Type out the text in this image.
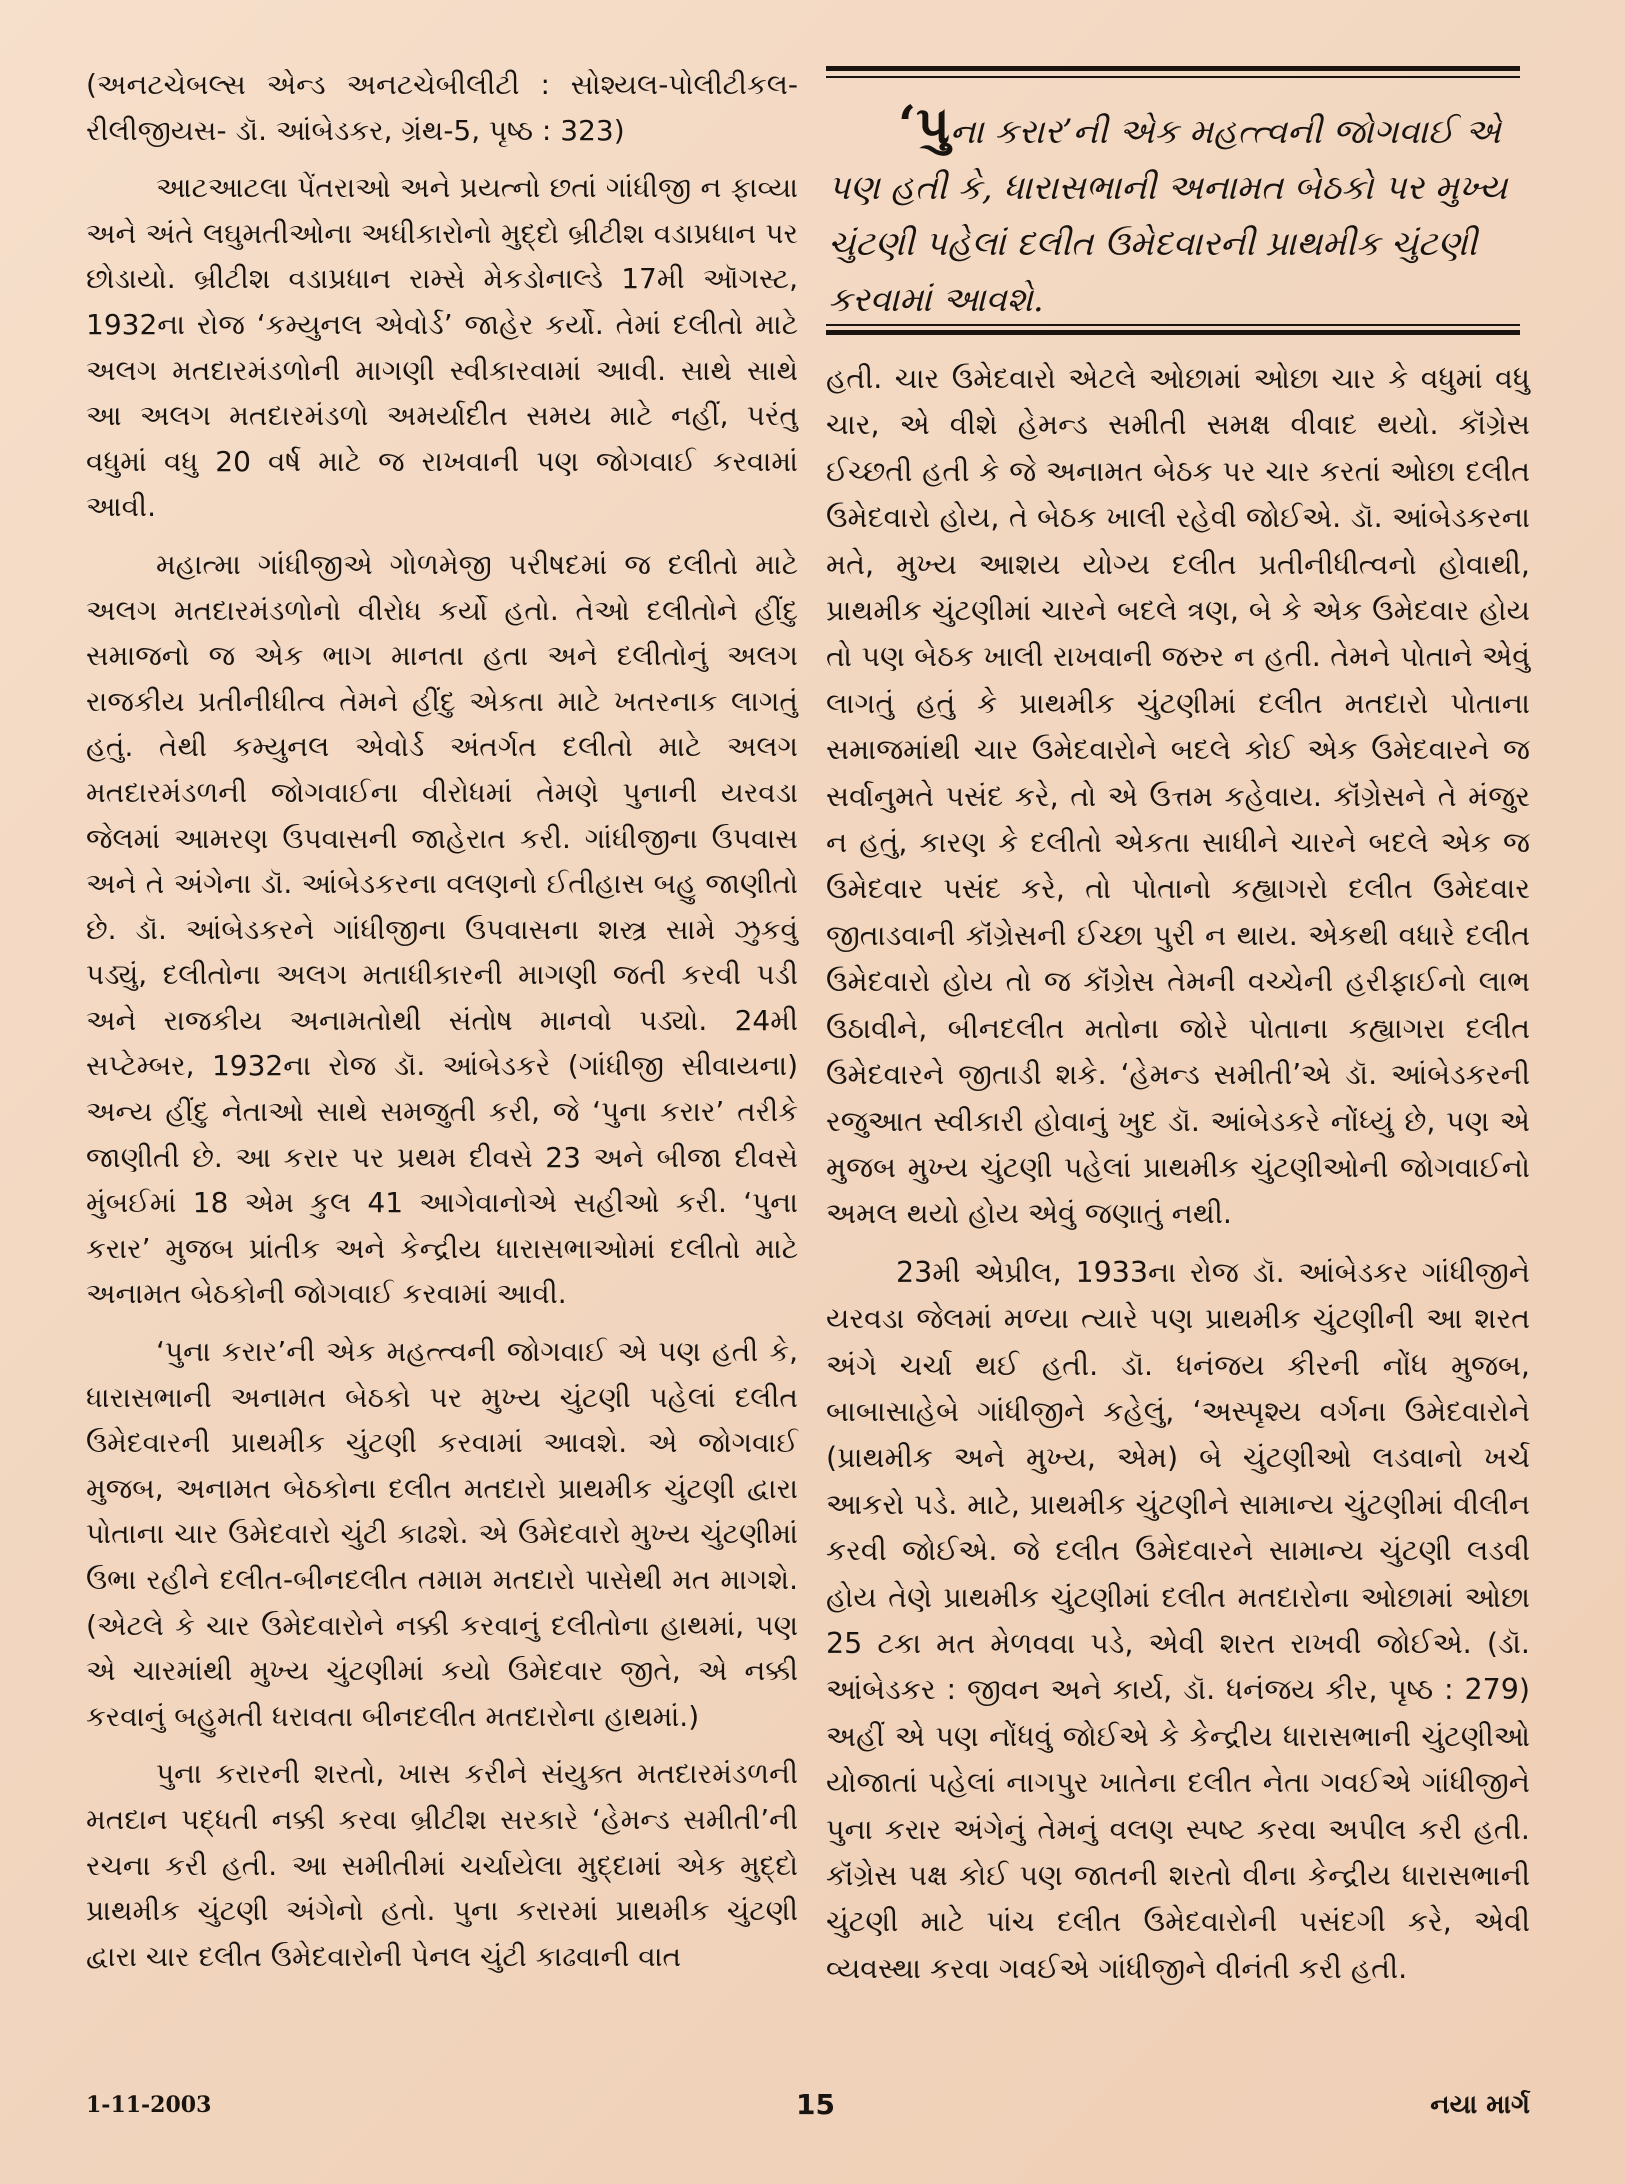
(અનટચેબલ્સ એન્ડ અનટચેબીલીટી : સોશ્યલ-પોલીટીકલ-રીલીજીયસ- ડૉ. આંબેડકર, ગ્રંથ-5, પૃષ્ઠ : 323)

આટઆટલા પેંતરાઓ અને પ્રયત્નો છતાં ગાંધીજી ન ફાવ્યા અને અંતે લઘુમતીઓના અધીકારોનો મુદ્દો બ્રીટીશ વડાપ્રધાન પર છોડાયો. બ્રીટીશ વડાપ્રધાન રામ્સે મેકડોનાલ્ડે 17મી ઑગસ્ટ, 1932ના રોજ ‘કમ્યુનલ એવોર્ડ’ જાહેર કર્યો. તેમાં દલીતો માટે અલગ મતદારમંડળોની માગણી સ્વીકારવામાં આવી. સાથે સાથે આ અલગ મતદારમંડળો અમર્યાદીત સમય માટે નહીં, પરંતુ વધુમાં વધુ 20 વર્ષ માટે જ રાખવાની પણ જોગવાઈ કરવામાં આવી.

મહાત્મા ગાંધીજીએ ગોળમેજી પરીષદમાં જ દલીતો માટે અલગ મતદારમંડળોનો વીરોધ કર્યો હતો. તેઓ દલીતોને હીંદુ સમાજનો જ એક ભાગ માનતા હતા અને દલીતોનું અલગ રાજકીય પ્રતીનીધીત્વ તેમને હીંદુ એકતા માટે ખતરનાક લાગતું હતું. તેથી કમ્યુનલ એવોર્ડ અંતર્ગત દલીતો માટે અલગ મતદારમંડળની જોગવાઈના વીરોધમાં તેમણે પુનાની યરવડા જેલમાં આમરણ ઉપવાસની જાહેરાત કરી. ગાંધીજીના ઉપવાસ અને તે અંગેના ડૉ. આંબેડકરના વલણનો ઈતીહાસ બહુ જાણીતો છે. ડૉ. આંબેડકરને ગાંધીજીના ઉપવાસના શસ્ત્ર સામે ઝુકવું પડ્યું, દલીતોના અલગ મતાધીકારની માગણી જતી કરવી પડી અને રાજકીય અનામતોથી સંતોષ માનવો પડ્યો. 24મી સપ્ટેમ્બર, 1932ના રોજ ડૉ. આંબેડકરે (ગાંધીજી સીવાયના) અન્ય હીંદુ નેતાઓ સાથે સમજુતી કરી, જે ‘પુના કરાર’ તરીકે જાણીતી છે. આ કરાર પર પ્રથમ દીવસે 23 અને બીજા દીવસે મુંબઈમાં 18 એમ કુલ 41 આગેવાનોએ સહીઓ કરી. ‘પુના કરાર’ મુજબ પ્રાંતીક અને કેન્દ્રીય ધારાસભાઓમાં દલીતો માટે અનામત બેઠકોની જોગવાઈ કરવામાં આવી.

‘પુના કરાર’ની એક મહત્ત્વની જોગવાઈ એ પણ હતી કે, ધારાસભાની અનામત બેઠકો પર મુખ્ય ચુંટણી પહેલાં દલીત ઉમેદવારની પ્રાથમીક ચુંટણી કરવામાં આવશે. એ જોગવાઈ મુજબ, અનામત બેઠકોના દલીત મતદારો પ્રાથમીક ચુંટણી દ્વારા પોતાના ચાર ઉમેદવારો ચુંટી કાઢશે. એ ઉમેદવારો મુખ્ય ચુંટણીમાં ઉભા રહીને દલીત-બીનદલીત તમામ મતદારો પાસેથી મત માગશે. (એટલે કે ચાર ઉમેદવારોને નક્કી કરવાનું દલીતોના હાથમાં, પણ એ ચારમાંથી મુખ્ય ચુંટણીમાં કયો ઉમેદવાર જીતે, એ નક્કી કરવાનું બહુમતી ધરાવતા બીનદલીત મતદારોના હાથમાં.)

પુના કરારની શરતો, ખાસ કરીને સંયુક્ત મતદારમંડળની મતદાન પદ્ધતી નક્કી કરવા બ્રીટીશ સરકારે ‘હેમન્ડ સમીતી’ની રચના કરી હતી. આ સમીતીમાં ચર્ચાયેલા મુદ્દામાં એક મુદ્દો પ્રાથમીક ચુંટણી અંગેનો હતો. પુના કરારમાં પ્રાથમીક ચુંટણી દ્વારા ચાર દલીત ઉમેદવારોની પેનલ ચુંટી કાઢવાની વાત

‘પુના કરાર’ની એક મહત્ત્વની જોગવાઈ એ પણ હતી કે, ધારાસભાની અનામત બેઠકો પર મુખ્ય ચુંટણી પહેલાં દલીત ઉમેદવારની પ્રાથમીક ચુંટણી કરવામાં આવશે.

હતી. ચાર ઉમેદવારો એટલે ઓછામાં ઓછા ચાર કે વધુમાં વધુ ચાર, એ વીશે હેમન્ડ સમીતી સમક્ષ વીવાદ થયો. કૉંગ્રેસ ઈચ્છતી હતી કે જે અનામત બેઠક પર ચાર કરતાં ઓછા દલીત ઉમેદવારો હોય, તે બેઠક ખાલી રહેવી જોઈએ. ડૉ. આંબેડકરના મતે, મુખ્ય આશય યોગ્ય દલીત પ્રતીનીધીત્વનો હોવાથી, પ્રાથમીક ચુંટણીમાં ચારને બદલે ત્રણ, બે કે એક ઉમેદવાર હોય તો પણ બેઠક ખાલી રાખવાની જરુર ન હતી. તેમને પોતાને એવું લાગતું હતું કે પ્રાથમીક ચુંટણીમાં દલીત મતદારો પોતાના સમાજમાંથી ચાર ઉમેદવારોને બદલે કોઈ એક ઉમેદવારને જ સર્વાનુમતે પસંદ કરે, તો એ ઉત્તમ કહેવાય. કૉંગ્રેસને તે મંજુર ન હતું, કારણ કે દલીતો એકતા સાધીને ચારને બદલે એક જ ઉમેદવાર પસંદ કરે, તો પોતાનો કહ્યાગરો દલીત ઉમેદવાર જીતાડવાની કૉંગ્રેસની ઈચ્છા પુરી ન થાય. એકથી વધારે દલીત ઉમેદવારો હોય તો જ કૉંગ્રેસ તેમની વચ્ચેની હરીફાઈનો લાભ ઉઠાવીને, બીનદલીત મતોના જોરે પોતાના કહ્યાગરા દલીત ઉમેદવારને જીતાડી શકે. ‘હેમન્ડ સમીતી’એ ડૉ. આંબેડકરની રજુઆત સ્વીકારી હોવાનું ખુદ ડૉ. આંબેડકરે નોંધ્યું છે, પણ એ મુજબ મુખ્ય ચુંટણી પહેલાં પ્રાથમીક ચુંટણીઓની જોગવાઈનો અમલ થયો હોય એવું જણાતું નથી.

23મી એપ્રીલ, 1933ના રોજ ડૉ. આંબેડકર ગાંધીજીને યરવડા જેલમાં મળ્યા ત્યારે પણ પ્રાથમીક ચુંટણીની આ શરત અંગે ચર્ચા થઈ હતી. ડૉ. ધનંજય કીરની નોંધ મુજબ, બાબાસાહેબે ગાંધીજીને કહેલું, ‘અસ્પૃશ્ય વર્ગના ઉમેદવારોને (પ્રાથમીક અને મુખ્ય, એમ) બે ચુંટણીઓ લડવાનો ખર્ચ આકરો પડે. માટે, પ્રાથમીક ચુંટણીને સામાન્ય ચુંટણીમાં વીલીન કરવી જોઈએ. જે દલીત ઉમેદવારને સામાન્ય ચુંટણી લડવી હોય તેણે પ્રાથમીક ચુંટણીમાં દલીત મતદારોના ઓછામાં ઓછા 25 ટકા મત મેળવવા પડે, એવી શરત રાખવી જોઈએ. (ડૉ. આંબેડકર : જીવન અને કાર્ય, ડૉ. ધનંજય કીર, પૃષ્ઠ : 279) અહીં એ પણ નોંધવું જોઈએ કે કેન્દ્રીય ધારાસભાની ચુંટણીઓ યોજાતાં પહેલાં નાગપુર ખાતેના દલીત નેતા ગવઈએ ગાંધીજીને પુના કરાર અંગેનું તેમનું વલણ સ્પષ્ટ કરવા અપીલ કરી હતી. કૉંગ્રેસ પક્ષ કોઈ પણ જાતની શરતો વીના કેન્દ્રીય ધારાસભાની ચુંટણી માટે પાંચ દલીત ઉમેદવારોની પસંદગી કરે, એવી વ્યવસ્થા કરવા ગવઈએ ગાંધીજીને વીનંતી કરી હતી.

1-11-2003	15	નયા માર્ગ
